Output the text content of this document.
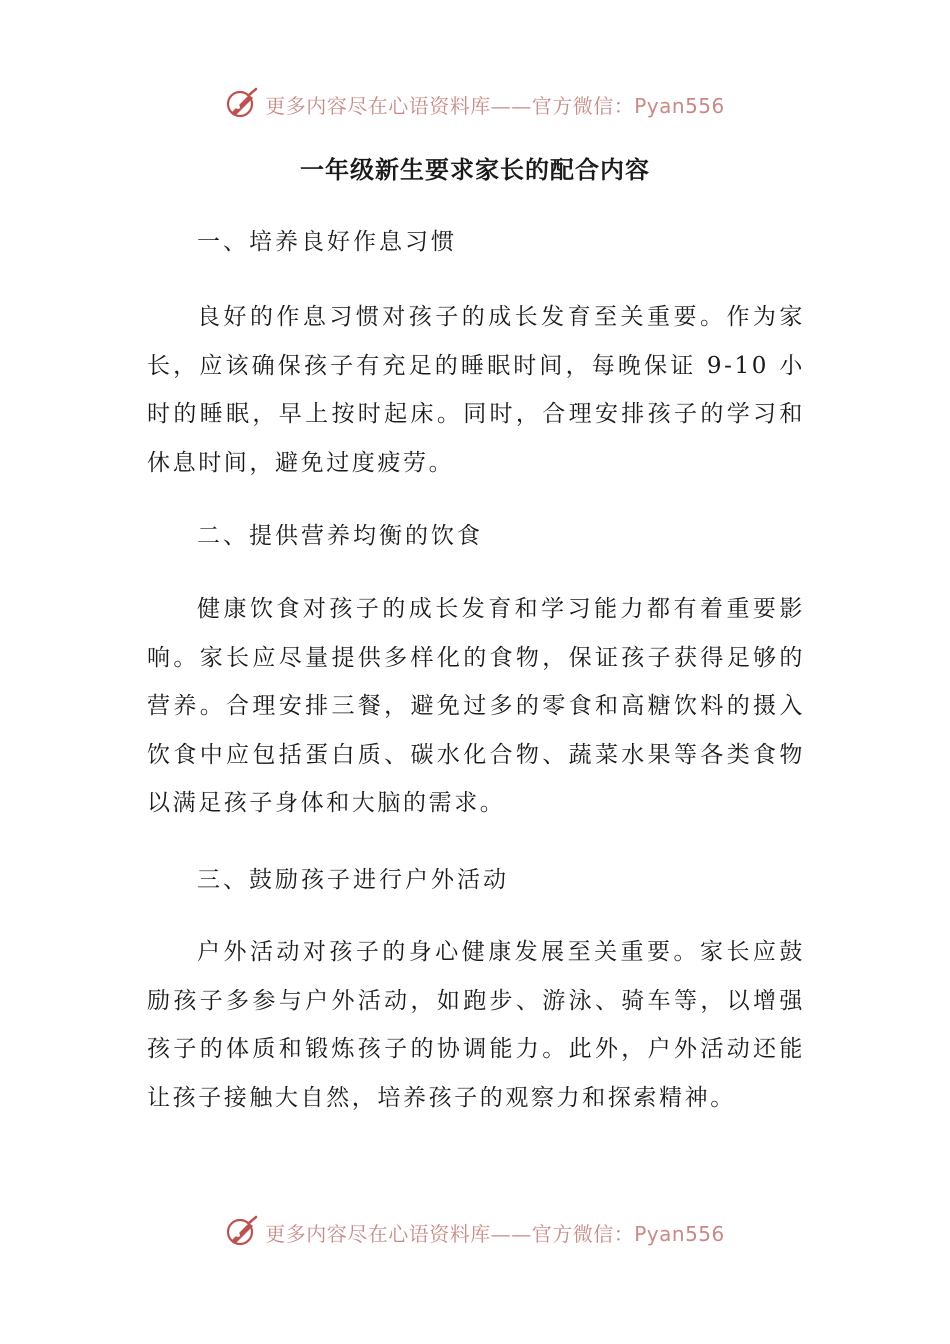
更多内容尽在心语资料库——官方微信：Pyan556
一年级新生要求家长的配合内容
一、培养良好作息习惯
良好的作息习惯对孩子的成长发育至关重要。作为家长，应该确保孩子有充足的睡眠时间，每晚保证 9-10 小时的睡眠，早上按时起床。同时，合理安排孩子的学习和休息时间，避免过度疲劳。
二、提供营养均衡的饮食
健康饮食对孩子的成长发育和学习能力都有着重要影响。家长应尽量提供多样化的食物，保证孩子获得足够的营养。合理安排三餐，避免过多的零食和高糖饮料的摄入饮食中应包括蛋白质、碳水化合物、蔬菜水果等各类食物以满足孩子身体和大脑的需求。
三、鼓励孩子进行户外活动
户外活动对孩子的身心健康发展至关重要。家长应鼓励孩子多参与户外活动，如跑步、游泳、骑车等，以增强孩子的体质和锻炼孩子的协调能力。此外，户外活动还能让孩子接触大自然，培养孩子的观察力和探索精神。
更多内容尽在心语资料库——官方微信：Pyan556
